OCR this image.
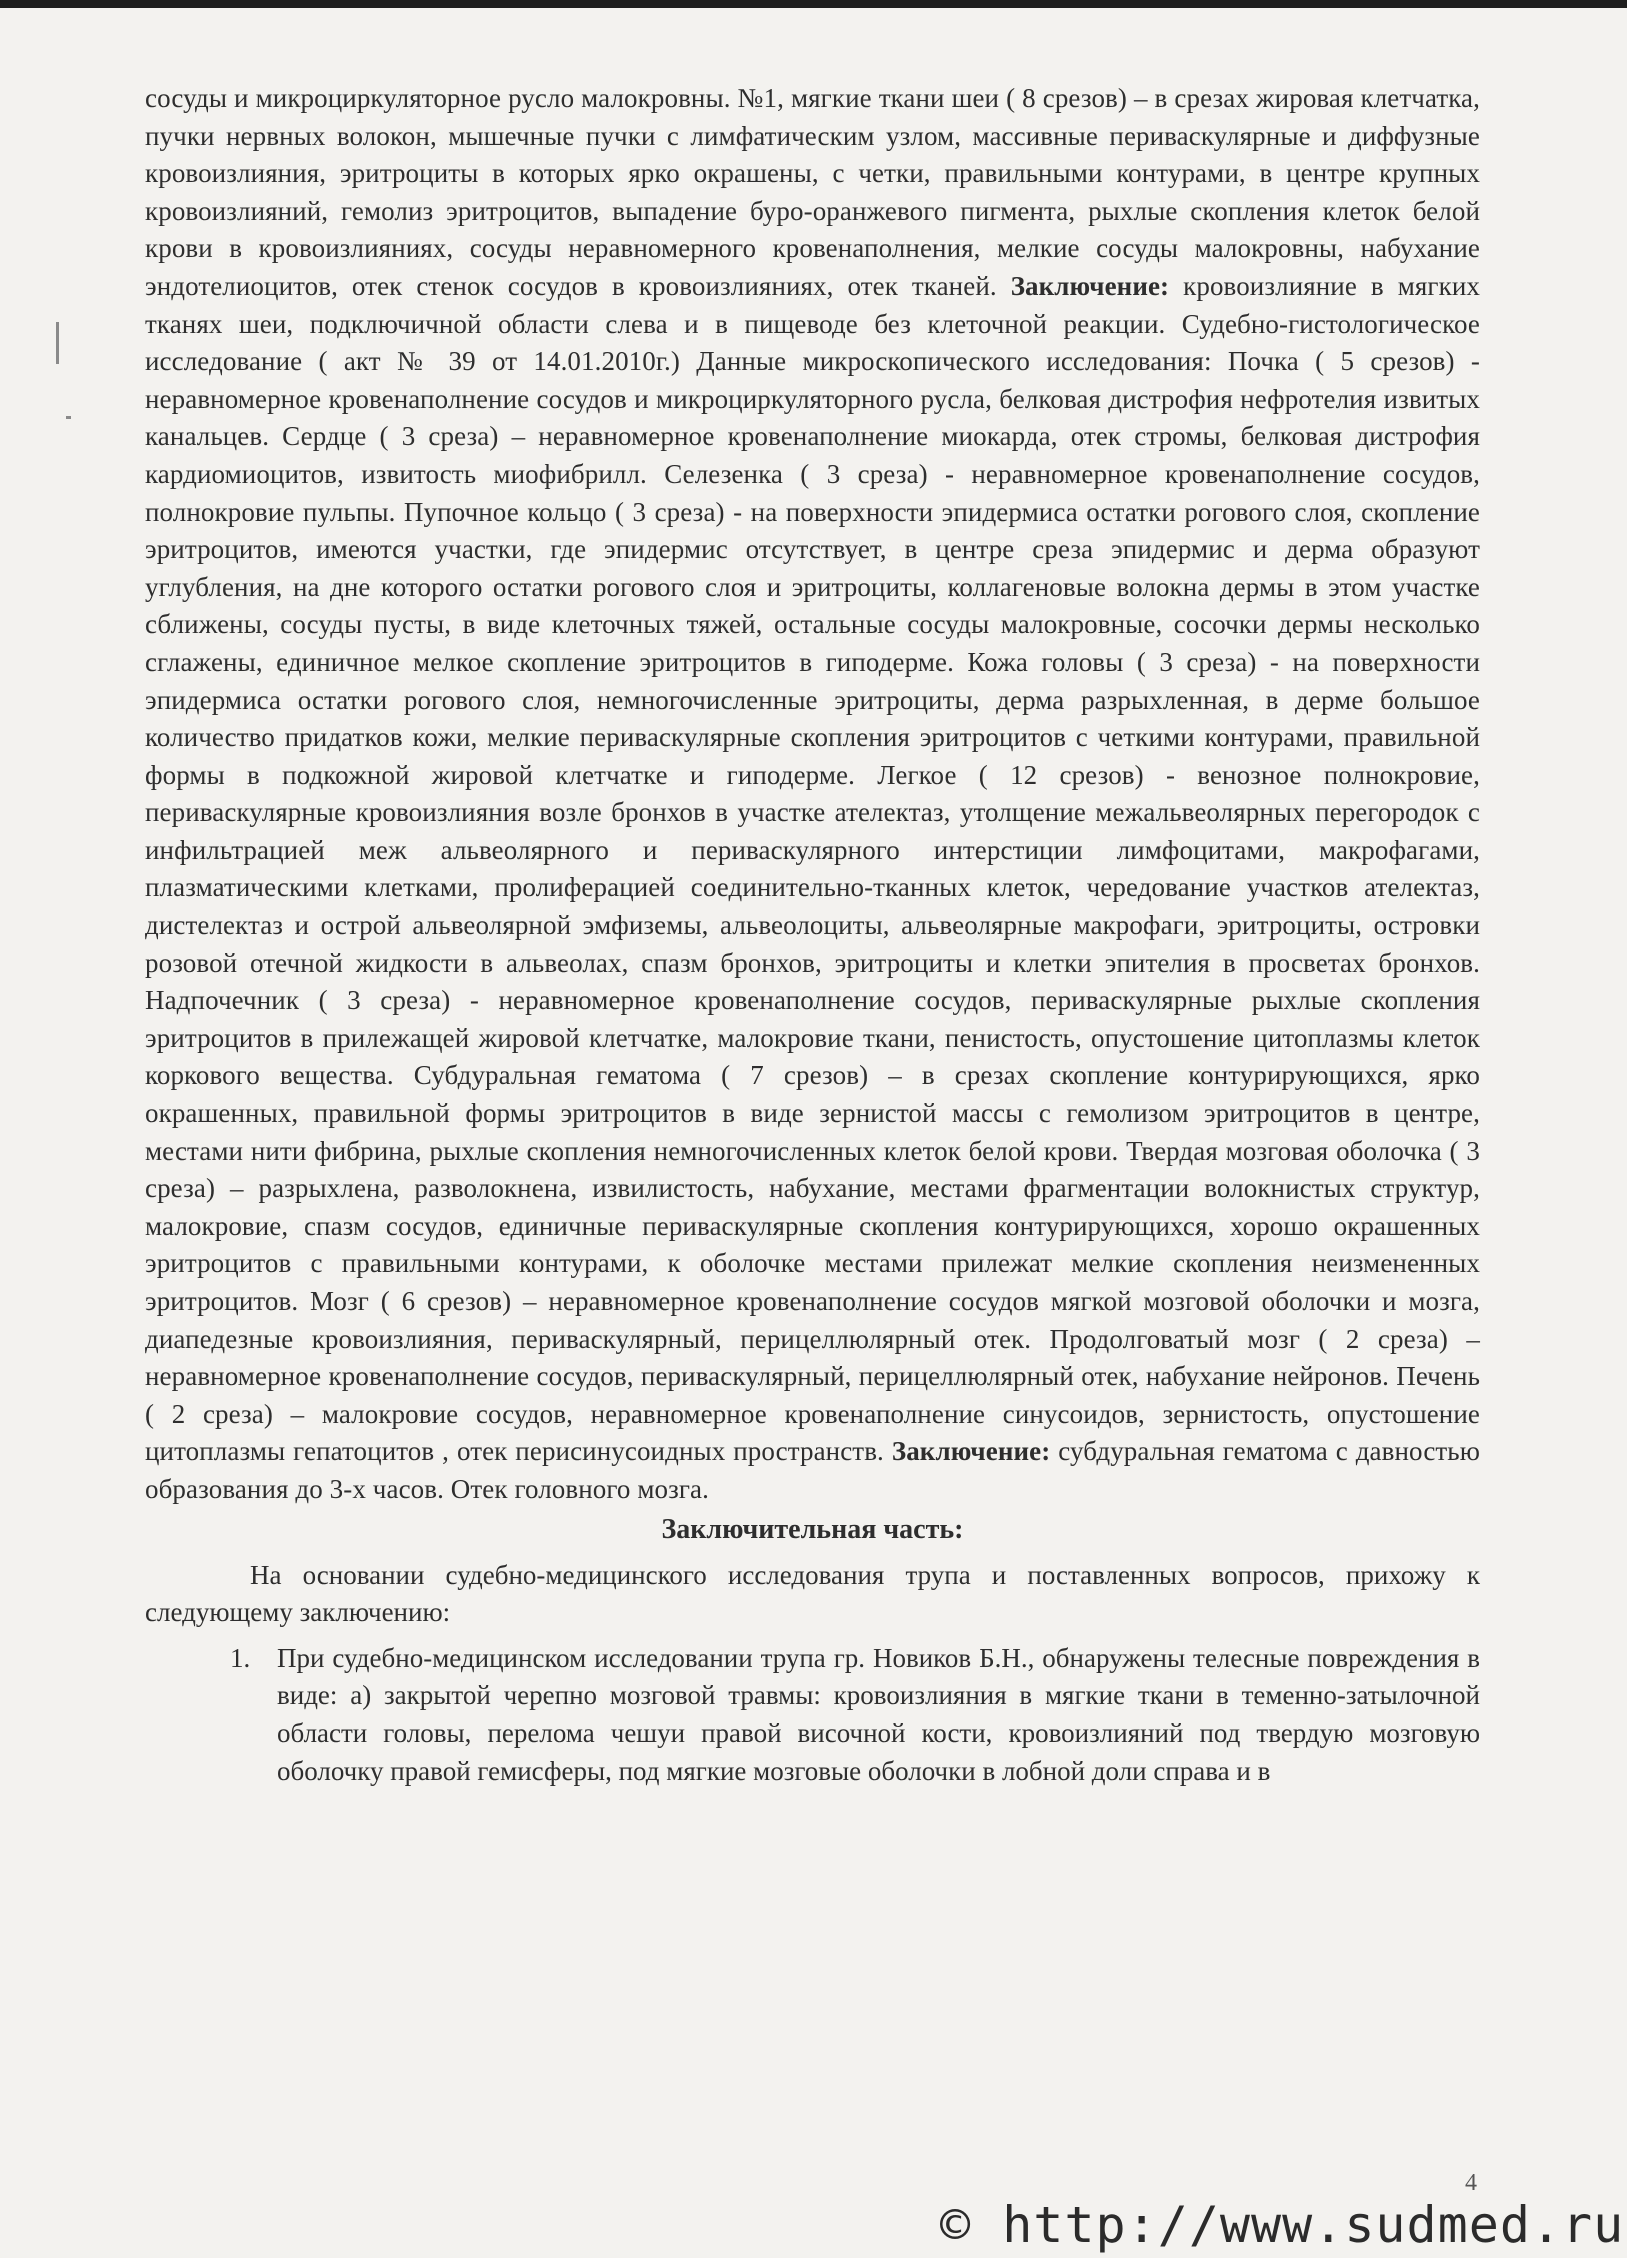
сосуды и микроциркуляторное русло малокровны. №1, мягкие ткани шеи ( 8 срезов) – в срезах жировая клетчатка, пучки нервных волокон, мышечные пучки с лимфатическим узлом, массивные периваскулярные и диффузные кровоизлияния, эритроциты в которых ярко окрашены, с четки, правильными контурами, в центре крупных кровоизлияний, гемолиз эритроцитов, выпадение буро-оранжевого пигмента, рыхлые скопления клеток белой крови в кровоизлияниях, сосуды неравномерного кровенаполнения, мелкие сосуды малокровны, набухание эндотелиоцитов, отек стенок сосудов в кровоизлияниях, отек тканей. Заключение: кровоизлияние в мягких тканях шеи, подключичной области слева и в пищеводе без клеточной реакции. Судебно-гистологическое исследование ( акт № 39 от 14.01.2010г.) Данные микроскопического исследования: Почка ( 5 срезов) - неравномерное кровенаполнение сосудов и микроциркуляторного русла, белковая дистрофия нефротелия извитых канальцев. Сердце ( 3 среза) – неравномерное кровенаполнение миокарда, отек стромы, белковая дистрофия кардиомиоцитов, извитость миофибрилл. Селезенка ( 3 среза) - неравномерное кровенаполнение сосудов, полнокровие пульпы. Пупочное кольцо ( 3 среза) - на поверхности эпидермиса остатки рогового слоя, скопление эритроцитов, имеются участки, где эпидермис отсутствует, в центре среза эпидермис и дерма образуют углубления, на дне которого остатки рогового слоя и эритроциты, коллагеновые волокна дермы в этом участке сближены, сосуды пусты, в виде клеточных тяжей, остальные сосуды малокровные, сосочки дермы несколько сглажены, единичное мелкое скопление эритроцитов в гиподерме. Кожа головы ( 3 среза) - на поверхности эпидермиса остатки рогового слоя, немногочисленные эритроциты, дерма разрыхленная, в дерме большое количество придатков кожи, мелкие периваскулярные скопления эритроцитов с четкими контурами, правильной формы в подкожной жировой клетчатке и гиподерме. Легкое ( 12 срезов) - венозное полнокровие, периваскулярные кровоизлияния возле бронхов в участке ателектаз, утолщение межальвеолярных перегородок с инфильтрацией меж альвеолярного и периваскулярного интерстиции лимфоцитами, макрофагами, плазматическими клетками, пролиферацией соединительно-тканных клеток, чередование участков ателектаз, дистелектаз и острой альвеолярной эмфиземы, альвеолоциты, альвеолярные макрофаги, эритроциты, островки розовой отечной жидкости в альвеолах, спазм бронхов, эритроциты и клетки эпителия в просветах бронхов. Надпочечник ( 3 среза) - неравномерное кровенаполнение сосудов, периваскулярные рыхлые скопления эритроцитов в прилежащей жировой клетчатке, малокровие ткани, пенистость, опустошение цитоплазмы клеток коркового вещества. Субдуральная гематома ( 7 срезов) – в срезах скопление контурирующихся, ярко окрашенных, правильной формы эритроцитов в виде зернистой массы с гемолизом эритроцитов в центре, местами нити фибрина, рыхлые скопления немногочисленных клеток белой крови. Твердая мозговая оболочка ( 3 среза) – разрыхлена, разволокнена, извилистость, набухание, местами фрагментации волокнистых структур, малокровие, спазм сосудов, единичные периваскулярные скопления контурирующихся, хорошо окрашенных эритроцитов с правильными контурами, к оболочке местами прилежат мелкие скопления неизмененных эритроцитов. Мозг ( 6 срезов) – неравномерное кровенаполнение сосудов мягкой мозговой оболочки и мозга, диапедезные кровоизлияния, периваскулярный, перицеллюлярный отек. Продолговатый мозг ( 2 среза) – неравномерное кровенаполнение сосудов, периваскулярный, перицеллюлярный отек, набухание нейронов. Печень ( 2 среза) – малокровие сосудов, неравномерное кровенаполнение синусоидов, зернистость, опустошение цитоплазмы гепатоцитов , отек перисинусоидных пространств. Заключение: субдуральная гематома с давностью образования до 3-х часов. Отек головного мозга.

Заключительная часть:

На основании судебно-медицинского исследования трупа и поставленных вопросов, прихожу к следующему заключению:

1. При судебно-медицинском исследовании трупа гр. Новиков Б.Н., обнаружены телесные повреждения в виде: а) закрытой черепно мозговой травмы: кровоизлияния в мягкие ткани в теменно-затылочной области головы, перелома чешуи правой височной кости, кровоизлияний под твердую мозговую оболочку правой гемисферы, под мягкие мозговые оболочки в лобной доли справа и в
4
© http://www.sudmed.ru
